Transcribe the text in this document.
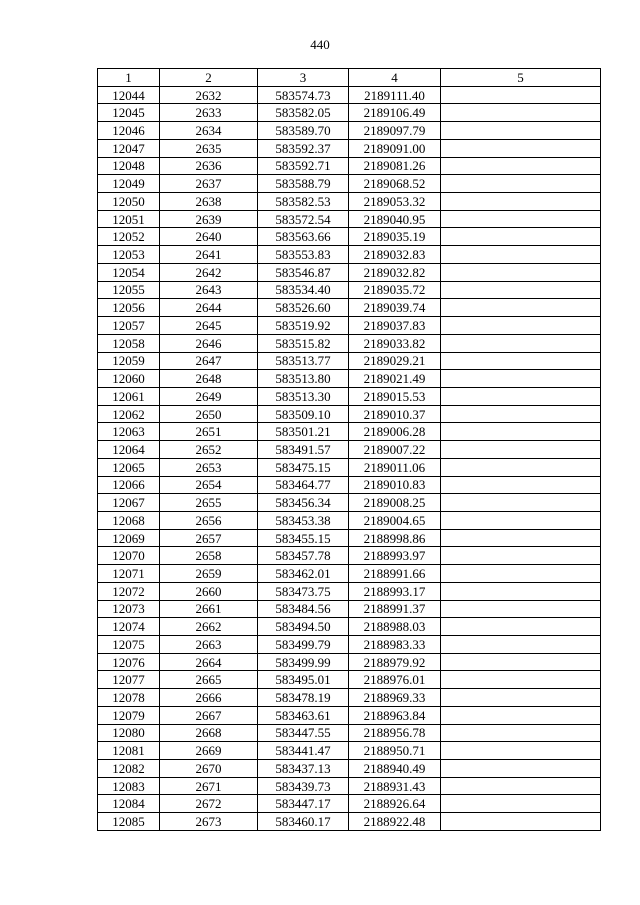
440
1	2	3	4	5
12044	2632	583574.73	2189111.40	
12045	2633	583582.05	2189106.49	
12046	2634	583589.70	2189097.79	
12047	2635	583592.37	2189091.00	
12048	2636	583592.71	2189081.26	
12049	2637	583588.79	2189068.52	
12050	2638	583582.53	2189053.32	
12051	2639	583572.54	2189040.95	
12052	2640	583563.66	2189035.19	
12053	2641	583553.83	2189032.83	
12054	2642	583546.87	2189032.82	
12055	2643	583534.40	2189035.72	
12056	2644	583526.60	2189039.74	
12057	2645	583519.92	2189037.83	
12058	2646	583515.82	2189033.82	
12059	2647	583513.77	2189029.21	
12060	2648	583513.80	2189021.49	
12061	2649	583513.30	2189015.53	
12062	2650	583509.10	2189010.37	
12063	2651	583501.21	2189006.28	
12064	2652	583491.57	2189007.22	
12065	2653	583475.15	2189011.06	
12066	2654	583464.77	2189010.83	
12067	2655	583456.34	2189008.25	
12068	2656	583453.38	2189004.65	
12069	2657	583455.15	2188998.86	
12070	2658	583457.78	2188993.97	
12071	2659	583462.01	2188991.66	
12072	2660	583473.75	2188993.17	
12073	2661	583484.56	2188991.37	
12074	2662	583494.50	2188988.03	
12075	2663	583499.79	2188983.33	
12076	2664	583499.99	2188979.92	
12077	2665	583495.01	2188976.01	
12078	2666	583478.19	2188969.33	
12079	2667	583463.61	2188963.84	
12080	2668	583447.55	2188956.78	
12081	2669	583441.47	2188950.71	
12082	2670	583437.13	2188940.49	
12083	2671	583439.73	2188931.43	
12084	2672	583447.17	2188926.64	
12085	2673	583460.17	2188922.48	
